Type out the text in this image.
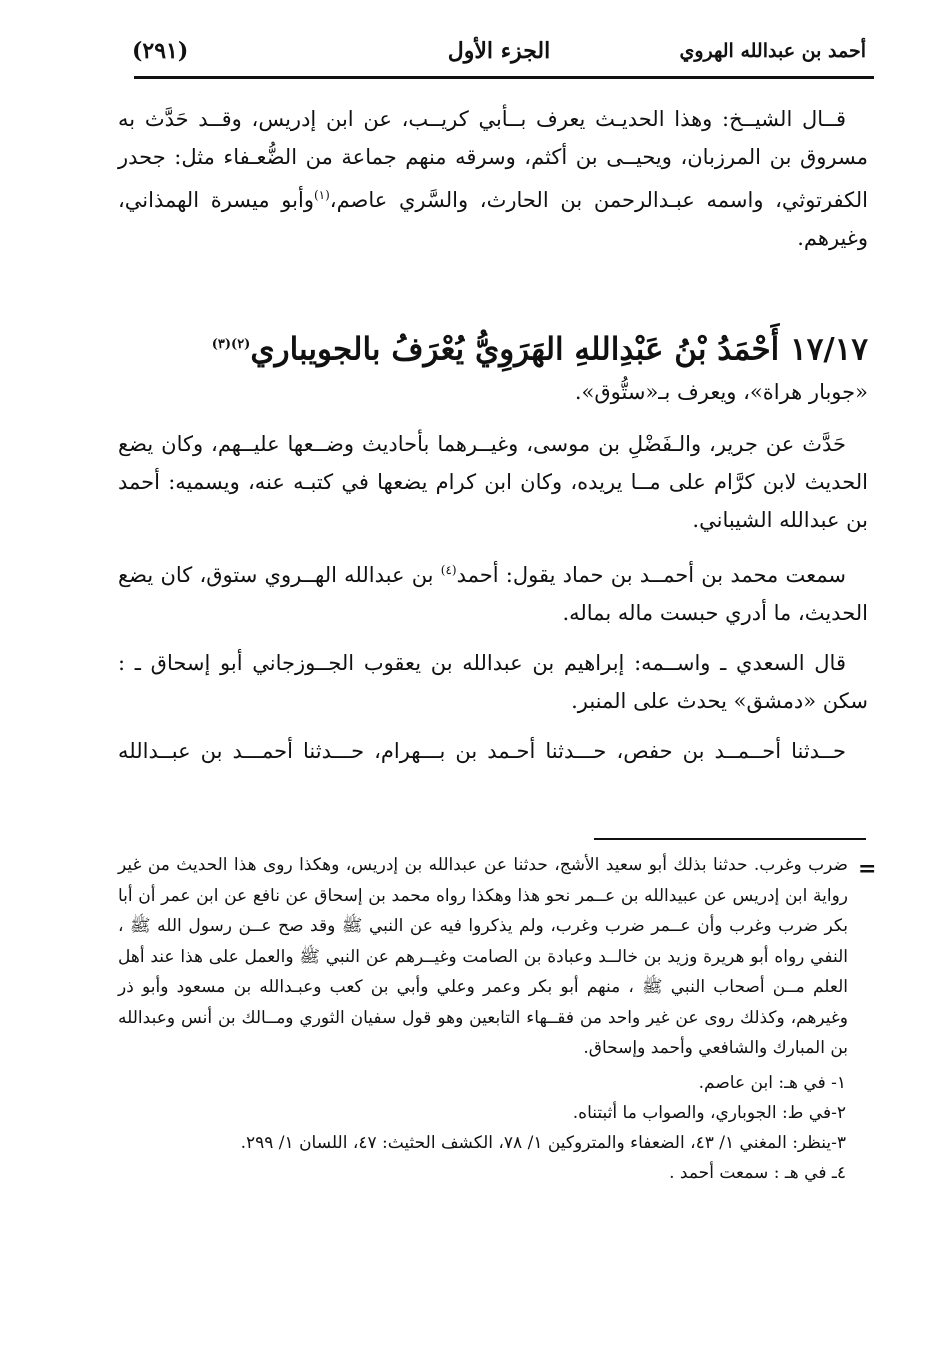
(٢٩١)	الجزء الأول	أحمد بن عبدالله الهروي

قــال الشيــخ: وهذا الحديـث يعرف بــأبي كريــب، عن ابن إدريس، وقــد حَدَّث به مسروق بن المرزبان، ويحيــى بن أكثم، وسرقه منهم جماعة من الضُّعـفاء مثل: جحدر الكفرتوثي، واسمه عبـدالرحمن بن الحارث، والسَّري عاصم،$^{(١)}$وأبو ميسرة الهمذاني، وغيرهم.

١٧/١٧ أَحْمَدُ بْنُ عَبْدِاللهِ الهَرَوِيُّ يُعْرَفُ بالجويباري$^{(٢)(٣)}$

«جوبار هراة»، ويعرف بـ«ستُّوق».

حَدَّث عن جرير، والـفَضْلِ بن موسى، وغيــرهما بأحاديث وضــعها عليــهم، وكان يضع الحديث لابن كرَّام على مــا يريده، وكان ابن كرام يضعها في كتبـه عنه، ويسميه: أحمد بن عبدالله الشيباني.

سمعت محمد بن أحمــد بن حماد يقول: أحمد$^{(٤)}$ بن عبدالله الهــروي ستوق، كان يضع الحديث، ما أدري حبست ماله بماله.

قال السعدي ـ واســمه: إبراهيم بن عبدالله بن يعقوب الجــوزجاني أبو إسحاق ـ : سكن «دمشق» يحدث على المنبر.

حــدثنا أحــمــد بن حفص، حـــدثنا أحـمد بن بـــهرام، حـــدثنا أحمـــد بن عبــدالله

=

ضرب وغرب. حدثنا بذلك أبو سعيد الأشج، حدثنا عن عبدالله بن إدريس، وهكذا روى هذا الحديث من غير رواية ابن إدريس عن عبيدالله بن عــمر نحو هذا وهكذا رواه محمد بن إسحاق عن نافع عن ابن عمر أن أبا بكر ضرب وغرب وأن عــمر ضرب وغرب، ولم يذكروا فيه عن النبي ﷺ وقد صح عــن رسول الله ﷺ ، النفي رواه أبو هريرة وزيد بن خالــد وعبادة بن الصامت وغيــرهم عن النبي ﷺ والعمل على هذا عند أهل العلم مــن أصحاب النبي ﷺ ، منهم أبو بكر وعمر وعلي وأبي بن كعب وعبـدالله بن مسعود وأبو ذر وغيرهم، وكذلك روى عن غير واحد من فقــهاء التابعين وهو قول سفيان الثوري ومــالك بن أنس وعبدالله بن المبارك والشافعي وأحمد وإسحاق.

١- في هـ: ابن عاصم.
٢-في ط: الجوباري، والصواب ما أثبتناه.
٣-ينظر: المغني ١/ ٤٣، الضعفاء والمتروكين ١/ ٧٨، الكشف الحثيث: ٤٧، اللسان ١/ ٢٩٩.
٤ـ في هـ : سمعت أحمد .
